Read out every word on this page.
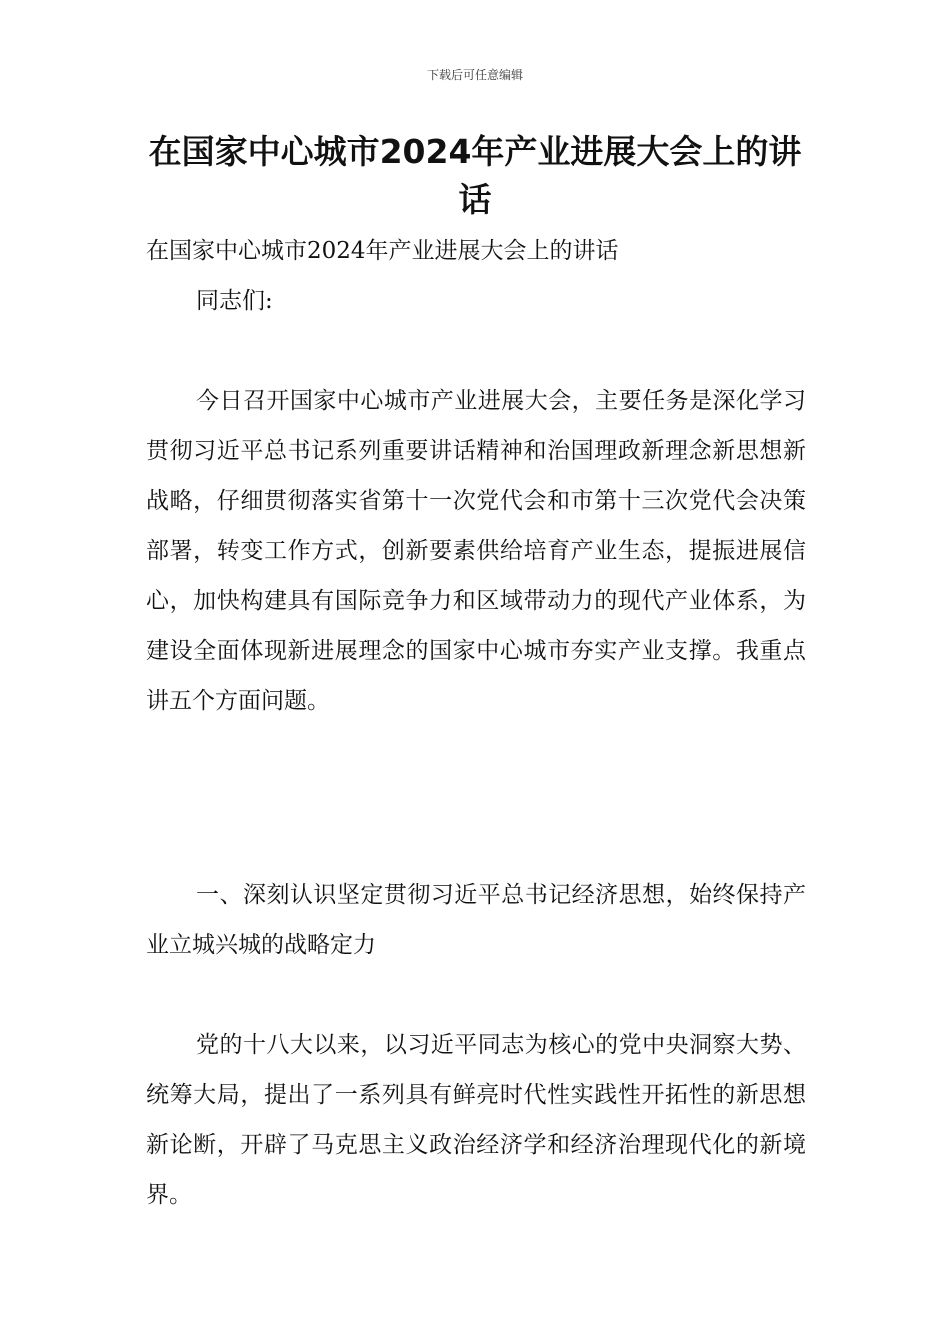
下载后可任意编辑
在国家中心城市2024年产业进展大会上的讲话

在国家中心城市2024年产业进展大会上的讲话

同志们:

今日召开国家中心城市产业进展大会，主要任务是深化学习贯彻习近平总书记系列重要讲话精神和治国理政新理念新思想新战略，仔细贯彻落实省第十一次党代会和市第十三次党代会决策部署，转变工作方式，创新要素供给培育产业生态，提振进展信心，加快构建具有国际竞争力和区域带动力的现代产业体系，为建设全面体现新进展理念的国家中心城市夯实产业支撑。我重点讲五个方面问题。

一、深刻认识坚定贯彻习近平总书记经济思想，始终保持产业立城兴城的战略定力

党的十八大以来，以习近平同志为核心的党中央洞察大势、统筹大局，提出了一系列具有鲜亮时代性实践性开拓性的新思想新论断，开辟了马克思主义政治经济学和经济治理现代化的新境界。
